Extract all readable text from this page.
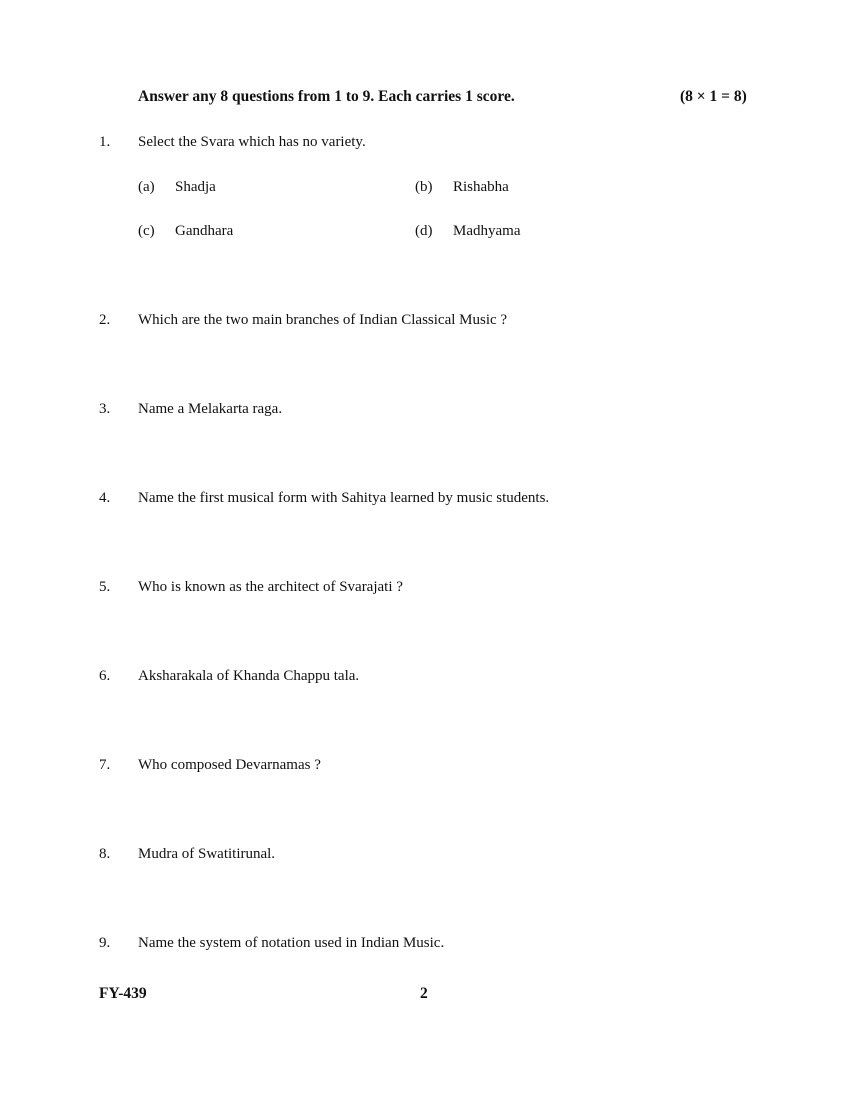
Answer any 8 questions from 1 to 9. Each carries 1 score.	(8 × 1 = 8)
1. Select the Svara which has no variety.
(a) Shadja	(b) Rishabha
(c) Gandhara	(d) Madhyama
2. Which are the two main branches of Indian Classical Music ?
3. Name a Melakarta raga.
4. Name the first musical form with Sahitya learned by music students.
5. Who is known as the architect of Svarajati ?
6. Aksharakala of Khanda Chappu tala.
7. Who composed Devarnamas ?
8. Mudra of Swatitirunal.
9. Name the system of notation used in Indian Music.
FY-439	2
